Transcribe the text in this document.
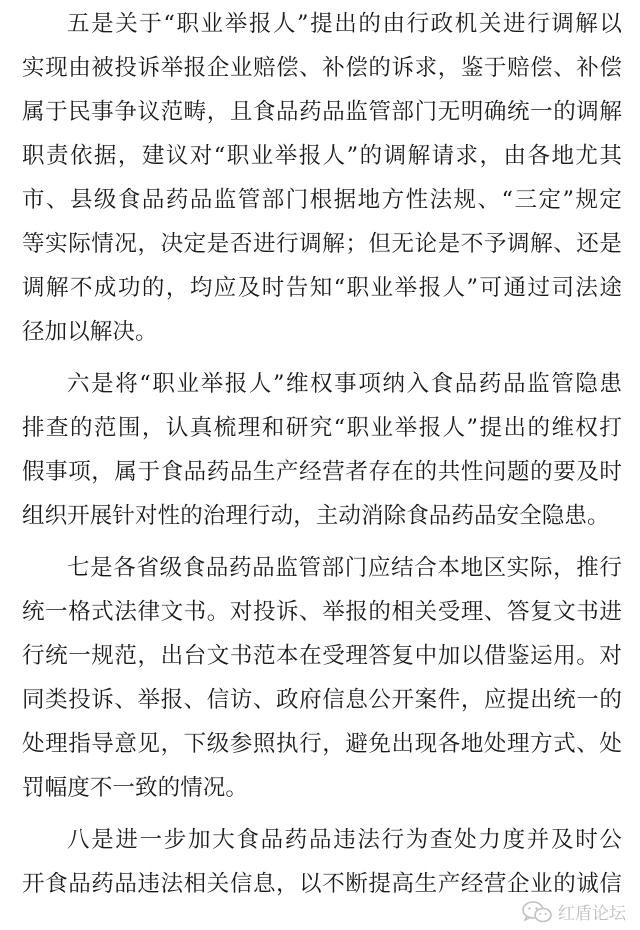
五是关于“职业举报人”提出的由行政机关进行调解以
实现由被投诉举报企业赔偿、补偿的诉求，鉴于赔偿、补偿
属于民事争议范畴，且食品药品监管部门无明确统一的调解
职责依据，建议对“职业举报人”的调解请求，由各地尤其
市、县级食品药品监管部门根据地方性法规、“三定”规定
等实际情况，决定是否进行调解；但无论是不予调解、还是
调解不成功的，均应及时告知“职业举报人”可通过司法途
径加以解决。
六是将“职业举报人”维权事项纳入食品药品监管隐患
排查的范围，认真梳理和研究“职业举报人”提出的维权打
假事项，属于食品药品生产经营者存在的共性问题的要及时
组织开展针对性的治理行动，主动消除食品药品安全隐患。
七是各省级食品药品监管部门应结合本地区实际，推行
统一格式法律文书。对投诉、举报的相关受理、答复文书进
行统一规范，出台文书范本在受理答复中加以借鉴运用。对
同类投诉、举报、信访、政府信息公开案件，应提出统一的
处理指导意见，下级参照执行，避免出现各地处理方式、处
罚幅度不一致的情况。
八是进一步加大食品药品违法行为查处力度并及时公
开食品药品违法相关信息，以不断提高生产经营企业的诚信
红盾论坛
